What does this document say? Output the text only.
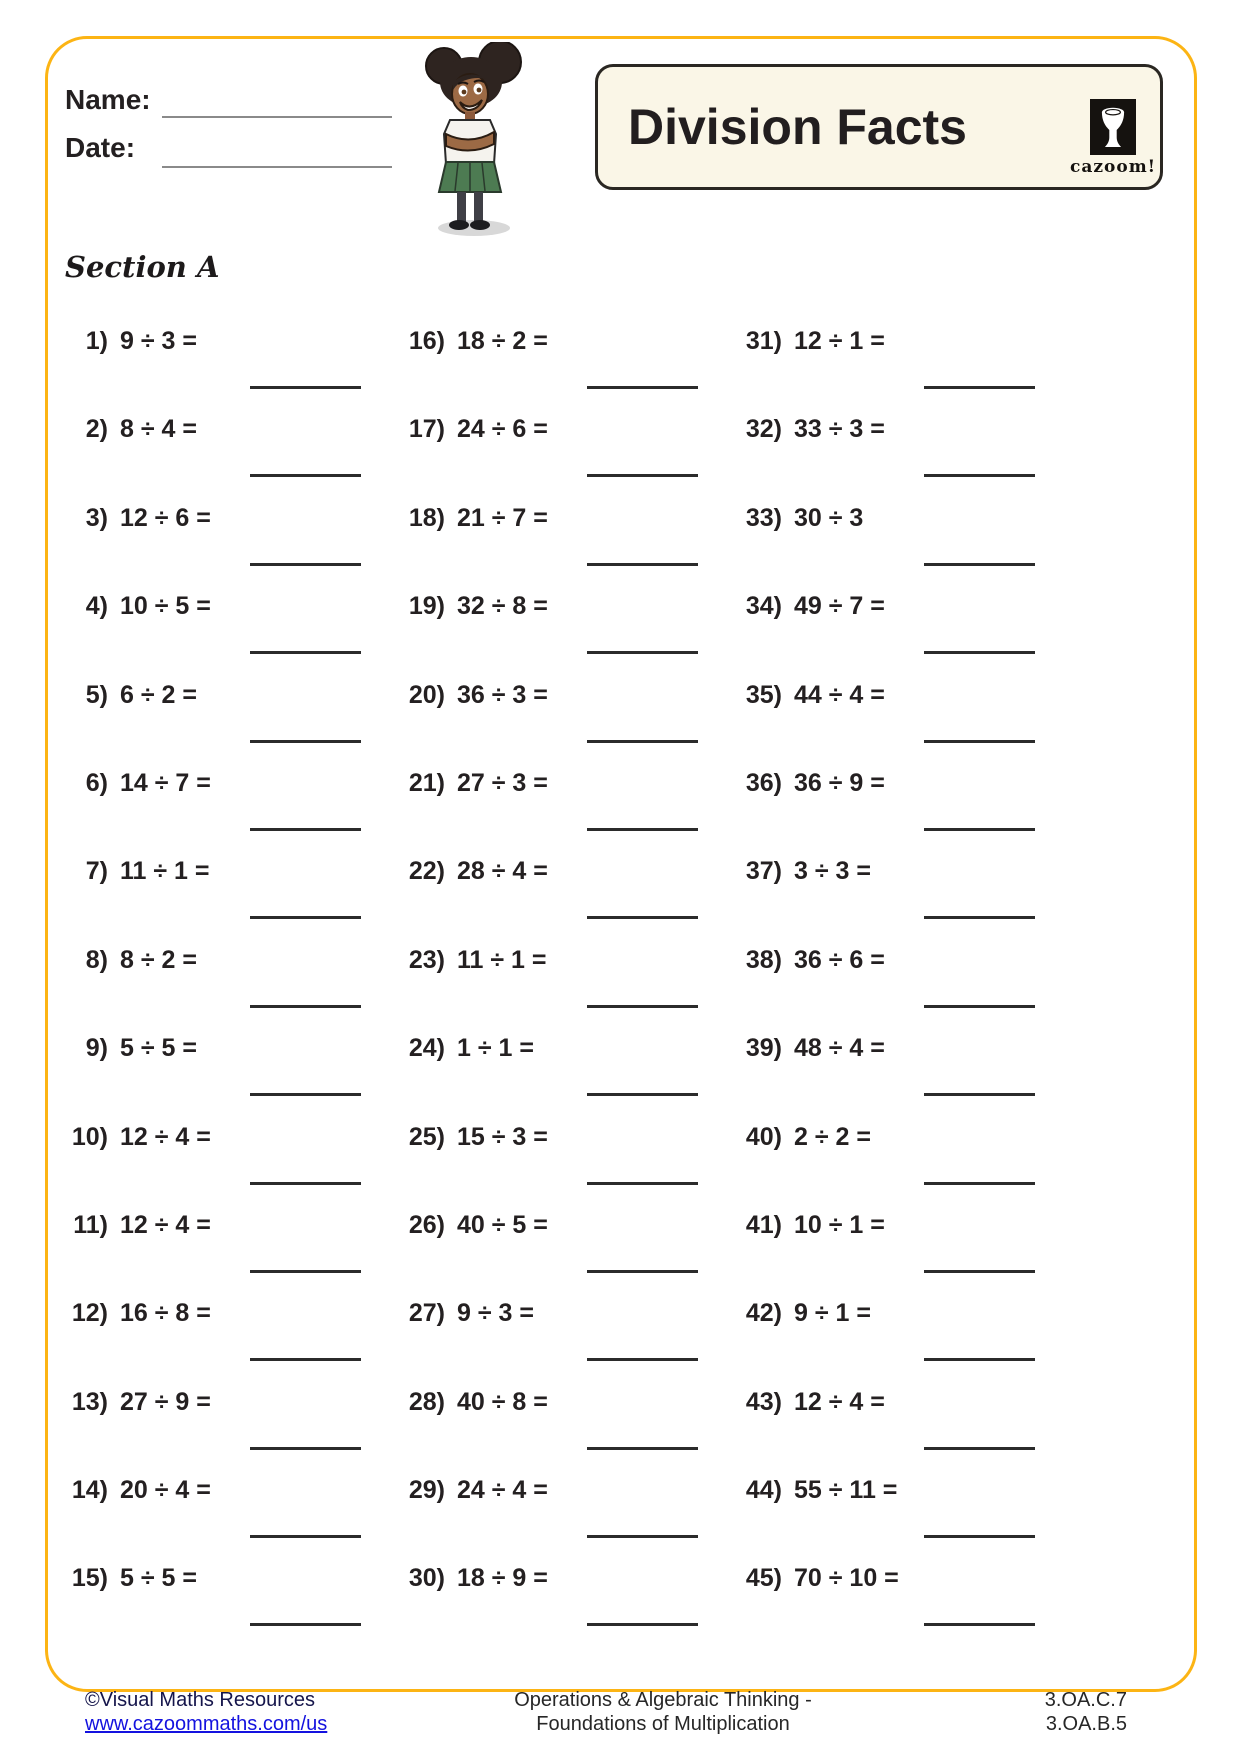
Name:
Date:	Division Facts
cazoom!
Section A
1) 9 ÷ 3 =
2) 8 ÷ 4 =
3) 12 ÷ 6 =
4) 10 ÷ 5 =
5) 6 ÷ 2 =
6) 14 ÷ 7 =
7) 11 ÷ 1 =
8) 8 ÷ 2 =
9) 5 ÷ 5 =
10) 12 ÷ 4 =
11) 12 ÷ 4 =
12) 16 ÷ 8 =
13) 27 ÷ 9 =
14) 20 ÷ 4 =
15) 5 ÷ 5 =
16) 18 ÷ 2 =
17) 24 ÷ 6 =
18) 21 ÷ 7 =
19) 32 ÷ 8 =
20) 36 ÷ 3 =
21) 27 ÷ 3 =
22) 28 ÷ 4 =
23) 11 ÷ 1 =
24) 1 ÷ 1 =
25) 15 ÷ 3 =
26) 40 ÷ 5 =
27) 9 ÷ 3 =
28) 40 ÷ 8 =
29) 24 ÷ 4 =
30) 18 ÷ 9 =
31) 12 ÷ 1 =
32) 33 ÷ 3 =
33) 30 ÷ 3
34) 49 ÷ 7 =
35) 44 ÷ 4 =
36) 36 ÷ 9 =
37) 3 ÷ 3 =
38) 36 ÷ 6 =
39) 48 ÷ 4 =
40) 2 ÷ 2 =
41) 10 ÷ 1 =
42) 9 ÷ 1 =
43) 12 ÷ 4 =
44) 55 ÷ 11 =
45) 70 ÷ 10 =
©Visual Maths Resources
www.cazoommaths.com/us
Operations & Algebraic Thinking -
Foundations of Multiplication
3.OA.C.7
3.OA.B.5
